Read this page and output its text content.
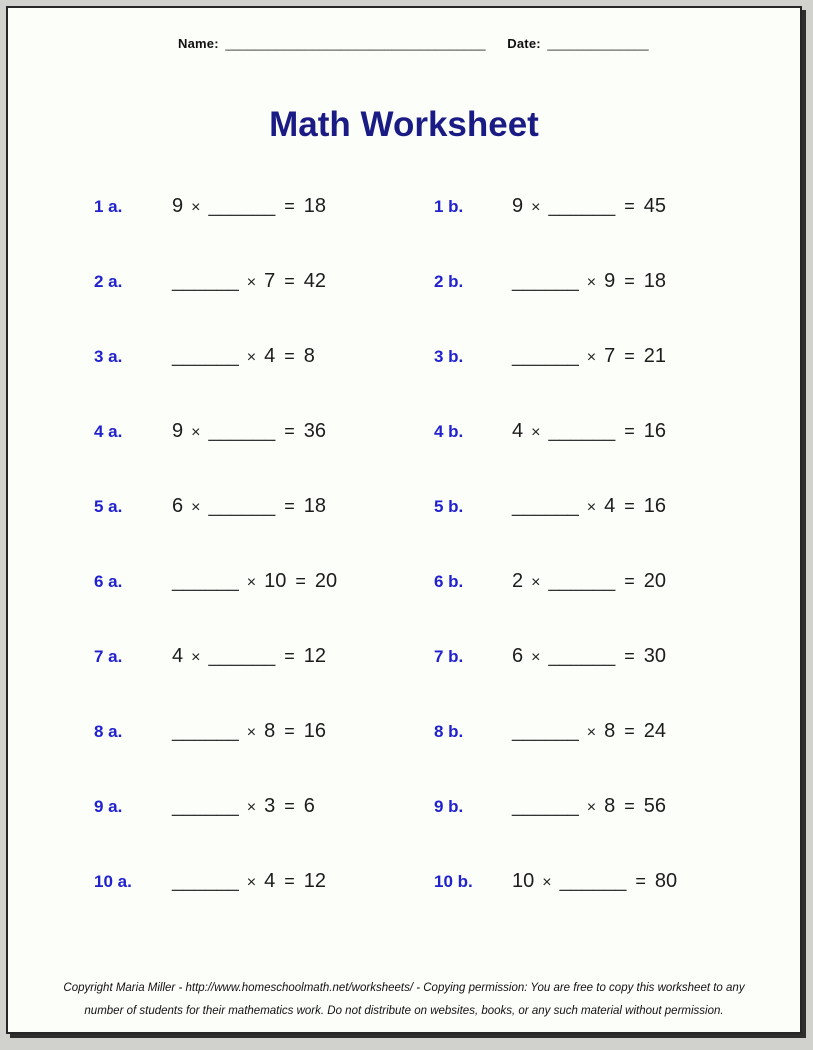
Name: ____________________________________ Date: ______________
Math Worksheet
1 a.	9 × ______ = 18	1 b.	9 × ______ = 45
2 a.	______ × 7 = 42	2 b.	______ × 9 = 18
3 a.	______ × 4 = 8	3 b.	______ × 7 = 21
4 a.	9 × ______ = 36	4 b.	4 × ______ = 16
5 a.	6 × ______ = 18	5 b.	______ × 4 = 16
6 a.	______ × 10 = 20	6 b.	2 × ______ = 20
7 a.	4 × ______ = 12	7 b.	6 × ______ = 30
8 a.	______ × 8 = 16	8 b.	______ × 8 = 24
9 a.	______ × 3 = 6	9 b.	______ × 8 = 56
10 a.	______ × 4 = 12	10 b.	10 × ______ = 80
Copyright Maria Miller - http://www.homeschoolmath.net/worksheets/ - Copying permission: You are free to copy this worksheet to any
number of students for their mathematics work. Do not distribute on websites, books, or any such material without permission.
